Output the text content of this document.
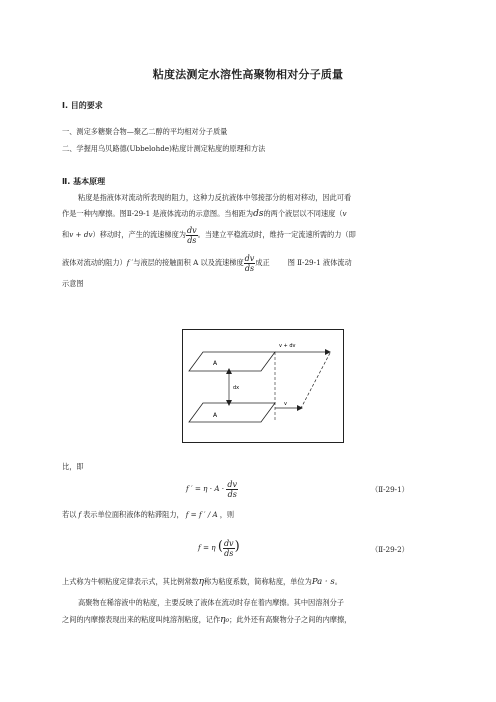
粘度法测定水溶性高聚物相对分子质量
Ⅰ. 目的要求
一、测定多糖聚合物—聚乙二醇的平均相对分子质量
二、学握用乌贝路德(Ubbelohde)粘度计测定粘度的原理和方法
Ⅱ. 基本原理
粘度是指液体对流动所表现的阻力，这种力反抗液体中邻接部分的相对移动，因此可看
作是一种内摩擦。图Ⅱ-29-1 是液体流动的示意图。当相距为ds的两个液层以不同速度（v
和v + dv）移动时，产生的流速梯度为 $\frac{dv}{ds}$ 。当建立平稳流动时，维持一定流速所需的力（即
液体对流动的阻力）f ′与液层的接触面积 A 以及流速梯度 $\frac{dv}{ds}$ 成正	图 Ⅱ-29-1 液体流动
示意图
A
A
dx
v + dv
v
比，即
f ′ = $\eta \cdot A \cdot \frac{dv}{ds}$	（Ⅱ-29-1）
若以 f 表示单位面积液体的粘滞阻力， f = f ′ / A ，则
f = η ( $\frac{dv}{ds}$ )	（Ⅱ-29-2）
上式称为牛顿粘度定律表示式，其比例常数η称为粘度系数，简称粘度，单位为Pa · s。
高聚物在稀溶液中的粘度，主要反映了液体在流动时存在着内摩擦。其中因溶剂分子
之间的内摩擦表现出来的粘度叫纯溶剂粘度，记作η₀；此外还有高聚物分子之间的内摩擦，
